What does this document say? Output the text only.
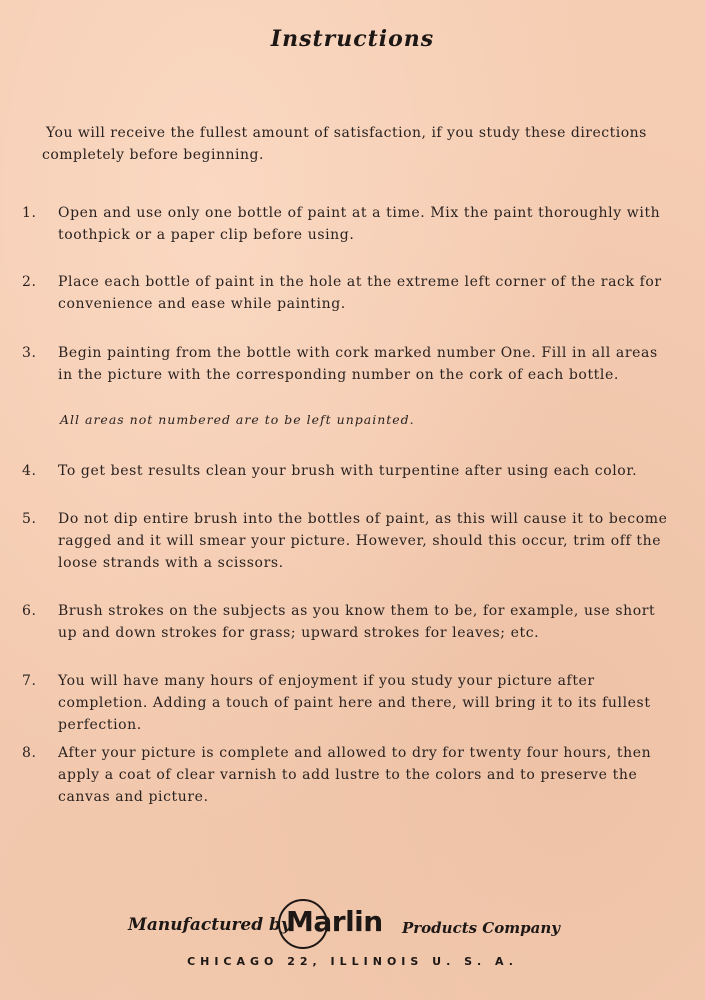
Instructions
You will receive the fullest amount of satisfaction, if you study these directions completely before beginning.
1.	Open and use only one bottle of paint at a time. Mix the paint thoroughly with toothpick or a paper clip before using.
2.	Place each bottle of paint in the hole at the extreme left corner of the rack for convenience and ease while painting.
3.	Begin painting from the bottle with cork marked number One. Fill in all areas in the picture with the corresponding number on the cork of each bottle.
All areas not numbered are to be left unpainted.
4.	To get best results clean your brush with turpentine after using each color.
5.	Do not dip entire brush into the bottles of paint, as this will cause it to become ragged and it will smear your picture. However, should this occur, trim off the loose strands with a scissors.
6.	Brush strokes on the subjects as you know them to be, for example, use short up and down strokes for grass; upward strokes for leaves; etc.
7.	You will have many hours of enjoyment if you study your picture after completion. Adding a touch of paint here and there, will bring it to its fullest perfection.
8.	After your picture is complete and allowed to dry for twenty four hours, then apply a coat of clear varnish to add lustre to the colors and to preserve the canvas and picture.
Manufactured by
Marlin Products Company
CHICAGO 22, ILLINOIS U. S. A.
